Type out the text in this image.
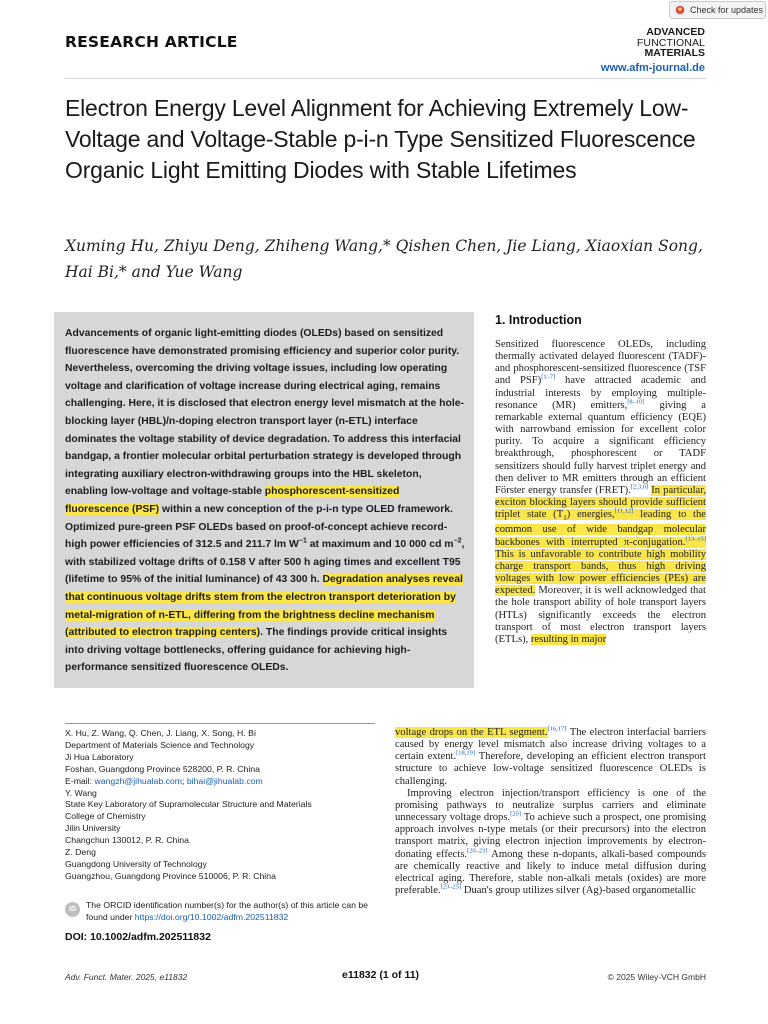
Check for updates
RESEARCH ARTICLE
ADVANCED
FUNCTIONAL
MATERIALS
www.afm-journal.de
Electron Energy Level Alignment for Achieving Extremely Low-Voltage and Voltage-Stable p-i-n Type Sensitized Fluorescence Organic Light Emitting Diodes with Stable Lifetimes
Xuming Hu, Zhiyu Deng, Zhiheng Wang,* Qishen Chen, Jie Liang, Xiaoxian Song, Hai Bi,* and Yue Wang

Advancements of organic light-emitting diodes (OLEDs) based on sensitized fluorescence have demonstrated promising efficiency and superior color purity. Nevertheless, overcoming the driving voltage issues, including low operating voltage and clarification of voltage increase during electrical aging, remains challenging. Here, it is disclosed that electron energy level mismatch at the hole-blocking layer (HBL)/n-doping electron transport layer (n-ETL) interface dominates the voltage stability of device degradation. To address this interfacial bandgap, a frontier molecular orbital perturbation strategy is developed through integrating auxiliary electron-withdrawing groups into the HBL skeleton, enabling low-voltage and voltage-stable phosphorescent-sensitized fluorescence (PSF) within a new conception of the p-i-n type OLED framework. Optimized pure-green PSF OLEDs based on proof-of-concept achieve record-high power efficiencies of 312.5 and 211.7 lm $W^{-1}$ at maximum and 10 000 cd $m^{-2}$, with stabilized voltage drifts of 0.158 V after 500 h aging times and excellent T95 (lifetime to 95% of the initial luminance) of 43 300 h. Degradation analyses reveal that continuous voltage drifts stem from the electron transport deterioration by metal-migration of n-ETL, differing from the brightness decline mechanism (attributed to electron trapping centers). The findings provide critical insights into driving voltage bottlenecks, offering guidance for achieving high-performance sensitized fluorescence OLEDs.

X. Hu, Z. Wang, Q. Chen, J. Liang, X. Song, H. Bi
Department of Materials Science and Technology
Ji Hua Laboratory
Foshan, Guangdong Province 528200, P. R. China
E-mail: wangzh@jihualab.com; bihai@jihualab.com
Y. Wang
State Key Laboratory of Supramolecular Structure and Materials
College of Chemistry
Jilin University
Changchun 130012, P. R. China
Z. Deng
Guangdong University of Technology
Guangzhou, Guangdong Province 510006, P. R. China
iD	The ORCID identification number(s) for the author(s) of this article can be found under https://doi.org/10.1002/adfm.202511832
DOI: 10.1002/adfm.202511832
1. Introduction

Sensitized fluorescence OLEDs, including thermally activated delayed fluorescent (TADF)- and phosphorescent-sensitized fluorescence (TSF and PSF)[1–7] have attracted academic and industrial interests by employing multiple-resonance (MR) emitters,[8–10] giving a remarkable external quantum efficiency (EQE) with narrowband emission for excellent color purity. To acquire a significant efficiency breakthrough, phosphorescent or TADF sensitizers should fully harvest triplet energy and then deliver to MR emitters through an efficient Förster energy transfer (FRET).[2,3,6] In particular, exciton blocking layers should provide sufficient triplet state $(T_1)$ energies,[11,12] leading to the common use of wide bandgap molecular backbones with interrupted π-conjugation.[13–15] This is unfavorable to contribute high mobility charge transport bands, thus high driving voltages with low power efficiencies (PEs) are expected. Moreover, it is well acknowledged that the hole transport ability of hole transport layers (HTLs) significantly exceeds the electron transport of most electron transport layers (ETLs), resulting in major

voltage drops on the ETL segment.[16,17] The electron interfacial barriers caused by energy level mismatch also increase driving voltages to a certain extent.[18,19] Therefore, developing an efficient electron transport structure to achieve low-voltage sensitized fluorescence OLEDs is challenging.

Improving electron injection/transport efficiency is one of the promising pathways to neutralize surplus carriers and eliminate unnecessary voltage drops.[20] To achieve such a prospect, one promising approach involves n-type metals (or their precursors) into the electron transport matrix, giving electron injection improvements by electron-donating effects.[20–23] Among these n-dopants, alkali-based compounds are chemically reactive and likely to induce metal diffusion during electrical aging. Therefore, stable non-alkali metals (oxides) are more preferable.[23–25] Duan's group utilizes silver (Ag)-based organometallic

Adv. Funct. Mater. 2025, e11832	e11832 (1 of 11)	© 2025 Wiley-VCH GmbH
